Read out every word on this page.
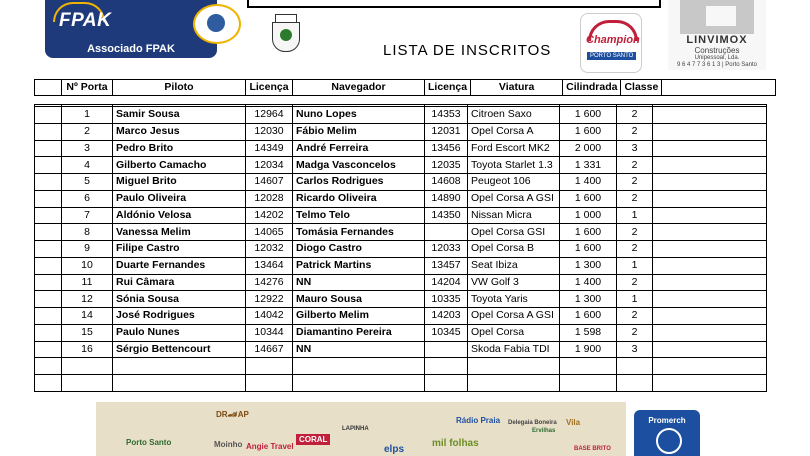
FPAK
Associado FPAK	LISTA DE INSCRITOS
Champion
PORTO SANTO
LINVIMOX
Construções
Unipessoal, Lda.
9 6 4 7 7 3 6 1 3 | Porto Santo
	Nº Porta	Piloto	Licença	Navegador	Licença	Viatura	Cilindrada	Classe	

	1	Samir Sousa	12964	Nuno Lopes	14353	Citroen Saxo	1 600	2	
	2	Marco Jesus	12030	Fábio Melim	12031	Opel Corsa A	1 600	2	
	3	Pedro Brito	14349	André Ferreira	13456	Ford Escort MK2	2 000	3	
	4	Gilberto Camacho	12034	Madga Vasconcelos	12035	Toyota Starlet 1.3	1 331	2	
	5	Miguel Brito	14607	Carlos Rodrigues	14608	Peugeot 106	1 400	2	
	6	Paulo Oliveira	12028	Ricardo Oliveira	14890	Opel Corsa A GSI	1 600	2	
	7	Aldónio Velosa	14202	Telmo Telo	14350	Nissan Micra	1 000	1	
	8	Vanessa Melim	14065	Tomásia Fernandes		Opel Corsa GSI	1 600	2	
	9	Filipe Castro	12032	Diogo Castro	12033	Opel Corsa B	1 600	2	
	10	Duarte Fernandes	13464	Patrick Martins	13457	Seat Ibiza	1 300	1	
	11	Rui Câmara	14276	NN	14204	VW Golf 3	1 400	2	
	12	Sónia Sousa	12922	Mauro Sousa	10335	Toyota Yaris	1 300	1	
	14	José Rodrigues	14042	Gilberto Melim	14203	Opel Corsa A GSI	1 600	2	
	15	Paulo Nunes	10344	Diamantino Pereira	10345	Opel Corsa	1 598	2	
	16	Sérgio Bettencourt	14667	NN		Skoda Fabia TDI	1 900	3	

Porto Santo
DR🏎AP
Moinho Angie Travel
CORAL
LAPINHA
elps
Rádio Praia
mil folhas
Delegaia Boneira
Ervilhas
Vila
BASE BRITO
Promerch
